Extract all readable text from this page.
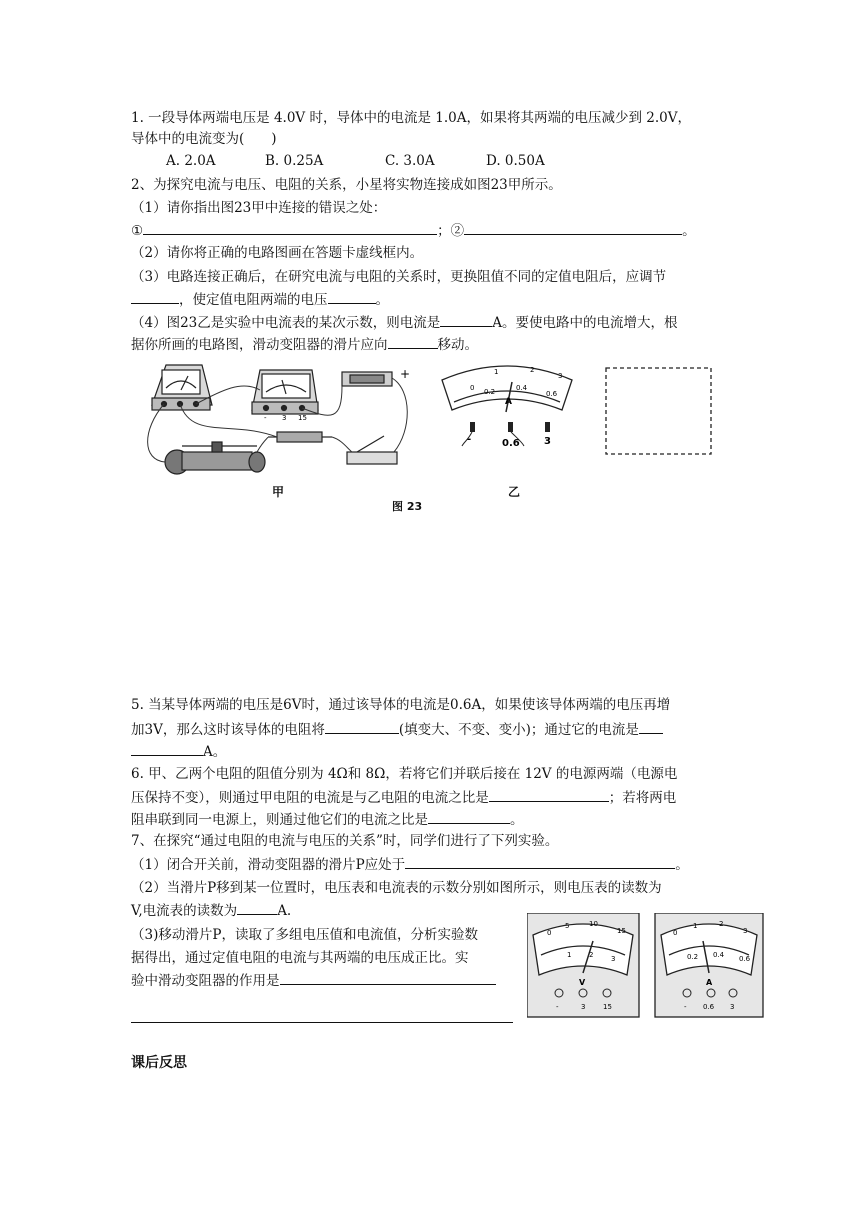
1. 一段导体两端电压是 4.0V 时，导体中的电流是 1.0A，如果将其两端的电压减少到 2.0V，
导体中的电流变为(　　)
A. 2.0A	B. 0.25A	C. 3.0A	D. 0.50A
2、为探究电流与电压、电阻的关系，小星将实物连接成如图23甲所示。
（1）请你指出图23甲中连接的错误之处：
①	；②	。
（2）请你将正确的电路图画在答题卡虚线框内。
（3）电路连接正确后，在研究电流与电阻的关系时，更换阻值不同的定值电阻后，应调节
，使定值电阻两端的电压	。
（4）图23乙是实验中电流表的某次示数，则电流是	A。要使电路中的电流增大，根
据你所画的电路图，滑动变阻器的滑片应向	移动。
- 3 15
+
0 0.2	0.4
0.6
1	2
3
A
-	0.6 3
甲	乙
图 23
5. 当某导体两端的电压是6V时，通过该导体的电流是0.6A，如果使该导体两端的电压再增
加3V，那么这时该导体的电阻将	(填变大、不变、变小)；通过它的电流是
A。
6. 甲、乙两个电阻的阻值分别为 4Ω和 8Ω，若将它们并联后接在 12V 的电源两端（电源电
压保持不变），则通过甲电阻的电流是与乙电阻的电流之比是	；若将两电
阻串联到同一电源上，则通过他它们的电流之比是	。
7、在探究“通过电阻的电流与电压的关系”时，同学们进行了下列实验。
（1）闭合开关前，滑动变阻器的滑片P应处于	。
（2）当滑片P移到某一位置时，电压表和电流表的示数分别如图所示，则电压表的读数为
V,电流表的读数为	A.
（3)移动滑片P，读取了多组电压值和电流值，分析实验数
据得出，通过定值电阻的电流与其两端的电压成正比。实
验中滑动变阻器的作用是
0
5	10
15
1	2	3
V
-	3	15
0
1	2
3
0.2 0.4 0.6
A
- 0.6 3
课后反思
